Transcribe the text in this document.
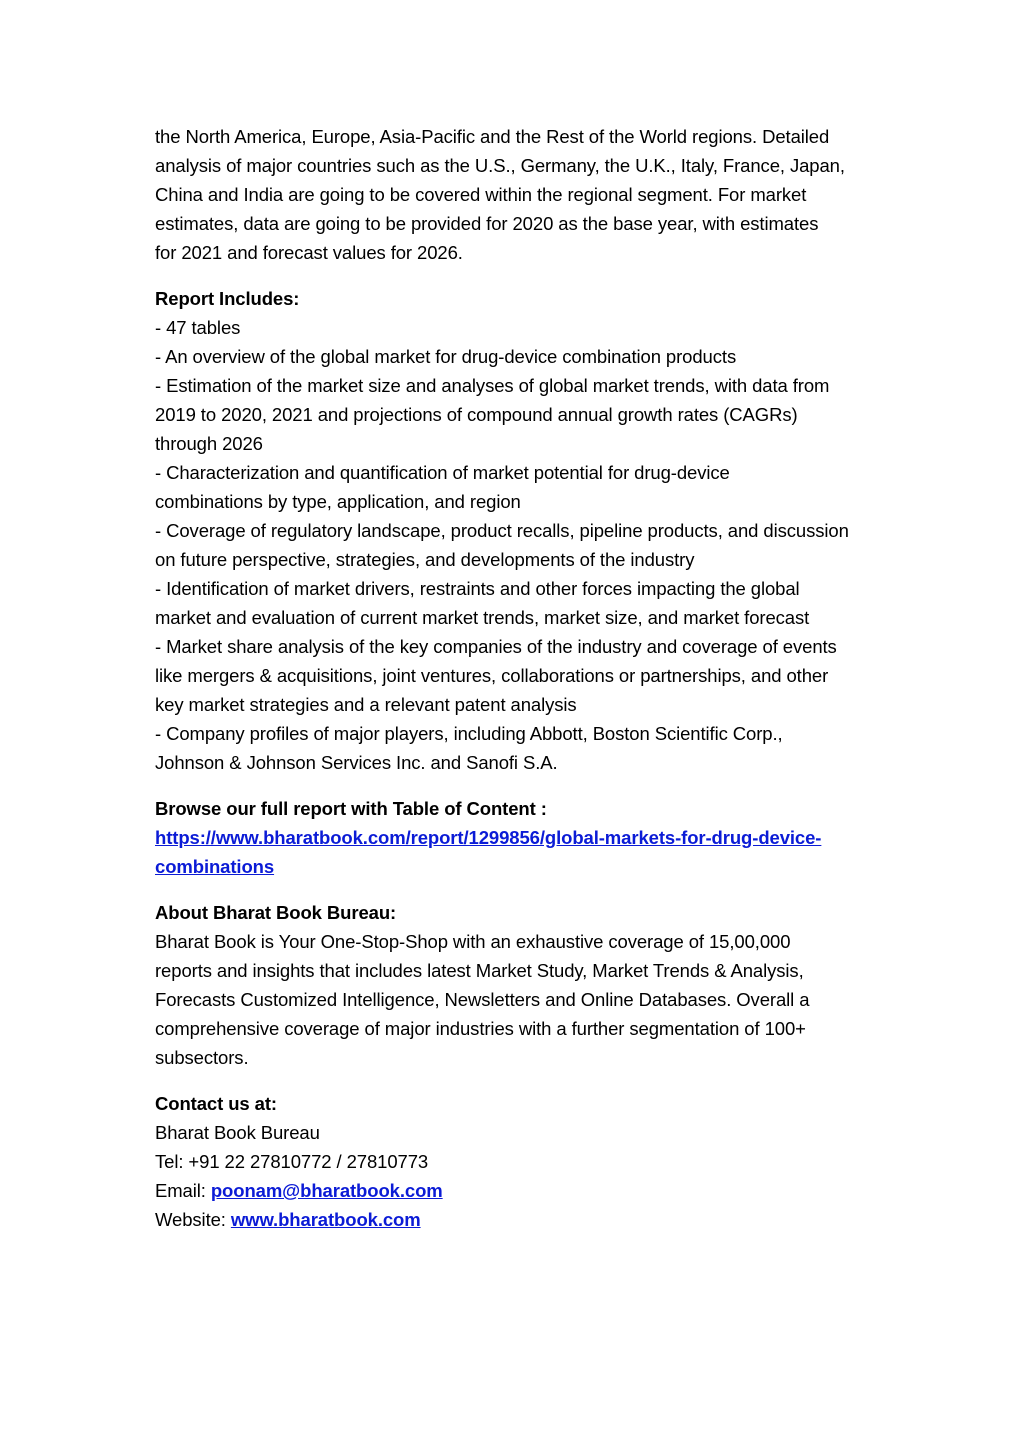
the North America, Europe, Asia-Pacific and the Rest of the World regions. Detailed
analysis of major countries such as the U.S., Germany, the U.K., Italy, France, Japan,
China and India are going to be covered within the regional segment. For market
estimates, data are going to be provided for 2020 as the base year, with estimates
for 2021 and forecast values for 2026.

Report Includes:
- 47 tables
- An overview of the global market for drug-device combination products
- Estimation of the market size and analyses of global market trends, with data from
2019 to 2020, 2021 and projections of compound annual growth rates (CAGRs)
through 2026
- Characterization and quantification of market potential for drug-device
combinations by type, application, and region
- Coverage of regulatory landscape, product recalls, pipeline products, and discussion
on future perspective, strategies, and developments of the industry
- Identification of market drivers, restraints and other forces impacting the global
market and evaluation of current market trends, market size, and market forecast
- Market share analysis of the key companies of the industry and coverage of events
like mergers & acquisitions, joint ventures, collaborations or partnerships, and other
key market strategies and a relevant patent analysis
- Company profiles of major players, including Abbott, Boston Scientific Corp.,
Johnson & Johnson Services Inc. and Sanofi S.A.

Browse our full report with Table of Content :
https://www.bharatbook.com/report/1299856/global-markets-for-drug-device-
combinations

About Bharat Book Bureau:
Bharat Book is Your One-Stop-Shop with an exhaustive coverage of 15,00,000
reports and insights that includes latest Market Study, Market Trends & Analysis,
Forecasts Customized Intelligence, Newsletters and Online Databases. Overall a
comprehensive coverage of major industries with a further segmentation of 100+
subsectors.

Contact us at:
Bharat Book Bureau
Tel: +91 22 27810772 / 27810773
Email: poonam@bharatbook.com
Website: www.bharatbook.com
